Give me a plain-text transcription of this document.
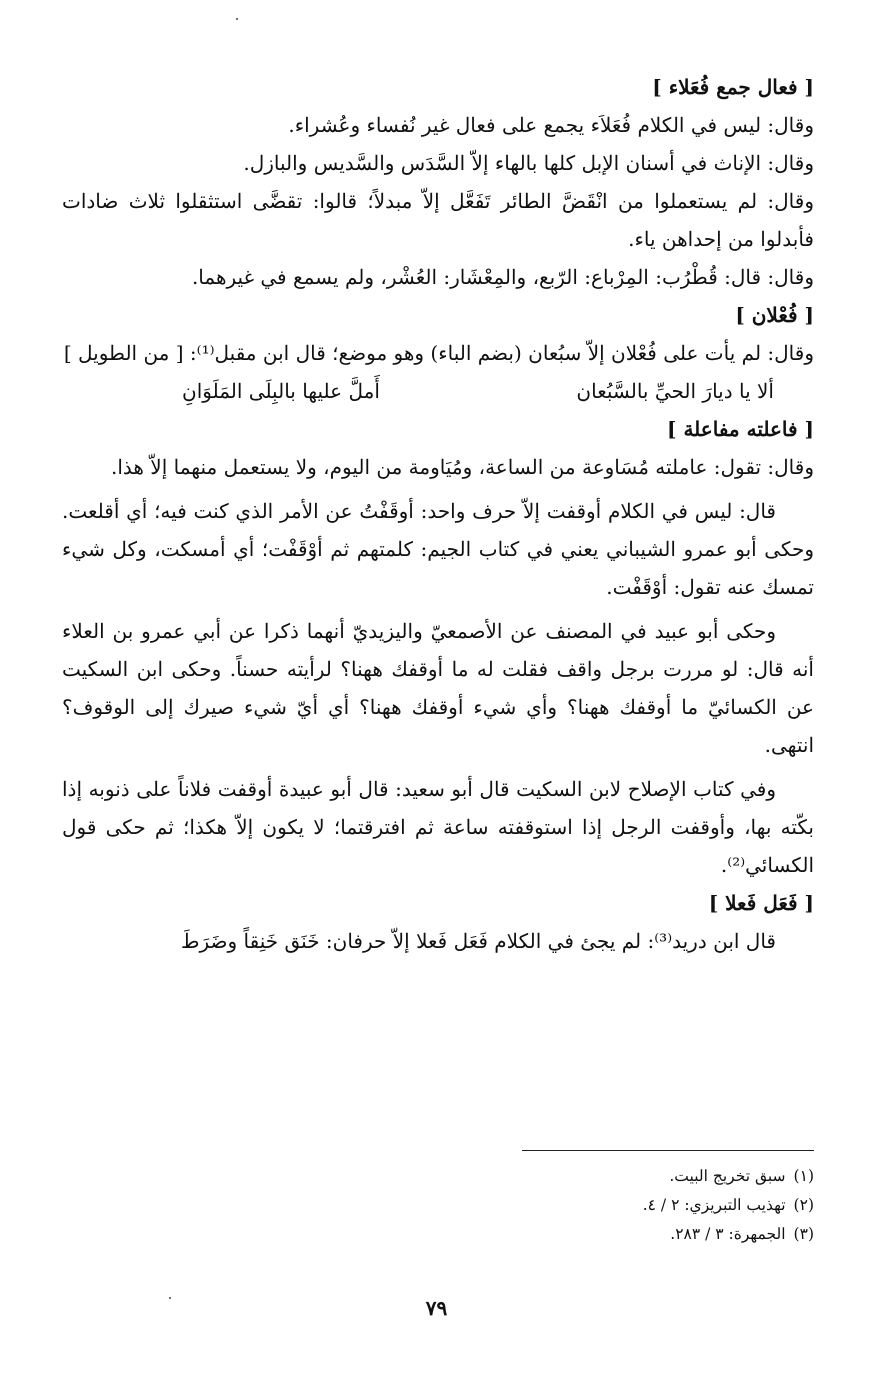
[ فعال جمع فُعَلاء ]

وقال: ليس في الكلام فُعَلاَء يجمع على فعال غير نُفساء وعُشراء.

وقال: الإناث في أسنان الإبل كلها بالهاء إلاّ السَّدَس والسَّديس والبازل.

وقال: لم يستعملوا من انْقَضَّ الطائر تَفَعَّل إلاّ مبدلاً؛ قالوا: تقضَّى استثقلوا ثلاث ضادات فأبدلوا من إحداهن ياء.

وقال: قال: قُطْرُب: المِرْباع: الرّبع، والمِعْشَار: العُشْر، ولم يسمع في غيرهما.

[ فُعْلان ]

وقال: لم يأت على فُعْلان إلاّ سبُعان (بضم الباء) وهو موضع؛ قال ابن مقبل⁽¹⁾: [ من الطويل ]

ألا يا ديارَ الحيِّ بالسَّبُعان
أَملَّ عليها بالبِلَى المَلَوَانِ

[ فاعلته مفاعلة ]

وقال: تقول: عاملته مُسَاوعة من الساعة، ومُيَاومة من اليوم، ولا يستعمل منهما إلاّ هذا.

قال: ليس في الكلام أوقفت إلاّ حرف واحد: أوقَفْتُ عن الأمر الذي كنت فيه؛ أي أقلعت. وحكى أبو عمرو الشيباني يعني في كتاب الجيم: كلمتهم ثم أوْقَفْت؛ أي أمسكت، وكل شيء تمسك عنه تقول: أوْقَفْت.

وحكى أبو عبيد في المصنف عن الأصمعيّ واليزيديّ أنهما ذكرا عن أبي عمرو بن العلاء أنه قال: لو مررت برجل واقف فقلت له ما أوقفك ههنا؟ لرأيته حسناً. وحكى ابن السكيت عن الكسائيّ ما أوقفك ههنا؟ وأي شيء أوقفك ههنا؟ أي أيّ شيء صيرك إلى الوقوف؟ انتهى.

وفي كتاب الإصلاح لابن السكيت قال أبو سعيد: قال أبو عبيدة أوقفت فلاناً على ذنوبه إذا بكّته بها، وأوقفت الرجل إذا استوقفته ساعة ثم افترقتما؛ لا يكون إلاّ هكذا؛ ثم حكى قول الكسائي⁽²⁾.

[ فَعَل فَعلا ]

قال ابن دريد⁽³⁾: لم يجئ في الكلام فَعَل فَعلا إلاّ حرفان: خَنَق خَنِقاً وضَرَطَ

(١)سبق تخريج البيت.

(٢)تهذيب التبريزي: ٢ / ٤.

(٣)الجمهرة: ٣ / ٢٨٣.

٧٩
